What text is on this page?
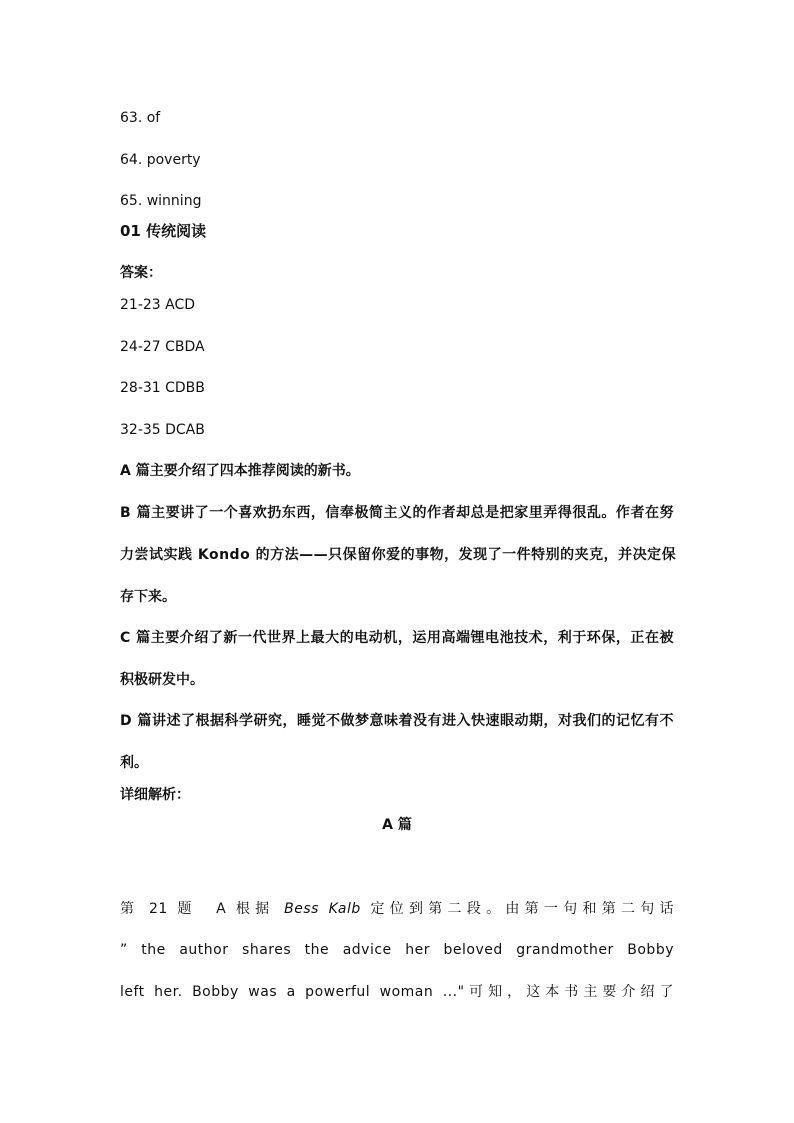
63. of
64. poverty
65. winning
01 传统阅读
答案：
21-23 ACD
24-27 CBDA
28-31 CDBB
32-35 DCAB
A 篇主要介绍了四本推荐阅读的新书。
B 篇主要讲了一个喜欢扔东西，信奉极简主义的作者却总是把家里弄得很乱。作者在努
力尝试实践 Kondo 的方法——只保留你爱的事物，发现了一件特别的夹克，并决定保
存下来。
C 篇主要介绍了新一代世界上最大的电动机，运用高端锂电池技术，利于环保，正在被
积极研发中。
D 篇讲述了根据科学研究，睡觉不做梦意味着没有进入快速眼动期，对我们的记忆有不
利。
详细解析：
A 篇
第 21 题　A 根据 Bess Kalb 定位到第二段。由第一句和第二句话
” the author shares the advice her beloved grandmother Bobby
left her. Bobby was a powerful woman ..."可知，这本书主要介绍了
